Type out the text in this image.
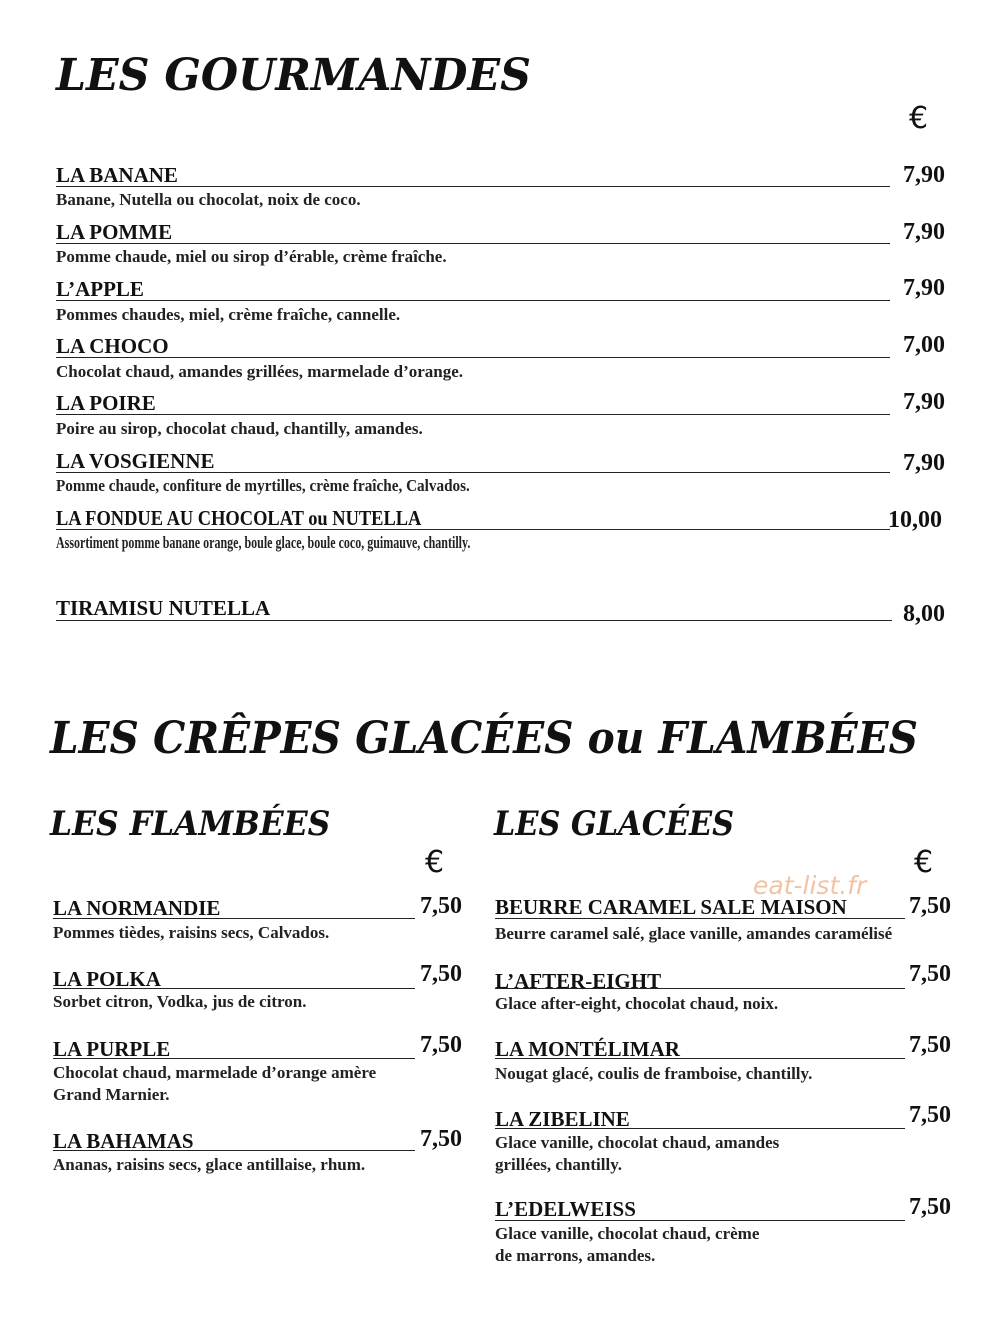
LES GOURMANDES
€
LA BANANE	7,90
Banane, Nutella ou chocolat, noix de coco.
LA POMME	7,90
Pomme chaude, miel ou sirop d’érable, crème fraîche.
L’APPLE	7,90
Pommes chaudes, miel, crème fraîche, cannelle.
LA CHOCO	7,00
Chocolat chaud, amandes grillées, marmelade d’orange.
LA POIRE	7,90
Poire au sirop, chocolat chaud, chantilly, amandes.
LA VOSGIENNE	7,90
Pomme chaude, confiture de myrtilles, crème fraîche, Calvados.
LA FONDUE AU CHOCOLAT ou NUTELLA	10,00
Assortiment pomme banane orange, boule glace, boule coco, guimauve, chantilly.
TIRAMISU NUTELLA	8,00
LES CRÊPES GLACÉES ou FLAMBÉES
LES FLAMBÉES
€
LA NORMANDIE	7,50
Pommes tièdes, raisins secs, Calvados.
LA POLKA	7,50
Sorbet citron, Vodka, jus de citron.
LA PURPLE	7,50
Chocolat chaud, marmelade d’orange amère
Grand Marnier.
LA BAHAMAS	7,50
Ananas, raisins secs, glace antillaise, rhum.
LES GLACÉES
€
BEURRE CARAMEL SALE MAISON	7,50
Beurre caramel salé, glace vanille, amandes caramélisé
L’AFTER-EIGHT	7,50
Glace after-eight, chocolat chaud, noix.
LA MONTÉLIMAR	7,50
Nougat glacé, coulis de framboise, chantilly.
LA ZIBELINE	7,50
Glace vanille, chocolat chaud, amandes
grillées, chantilly.
L’EDELWEISS	7,50
Glace vanille, chocolat chaud, crème
de marrons, amandes.
eat-list.fr
